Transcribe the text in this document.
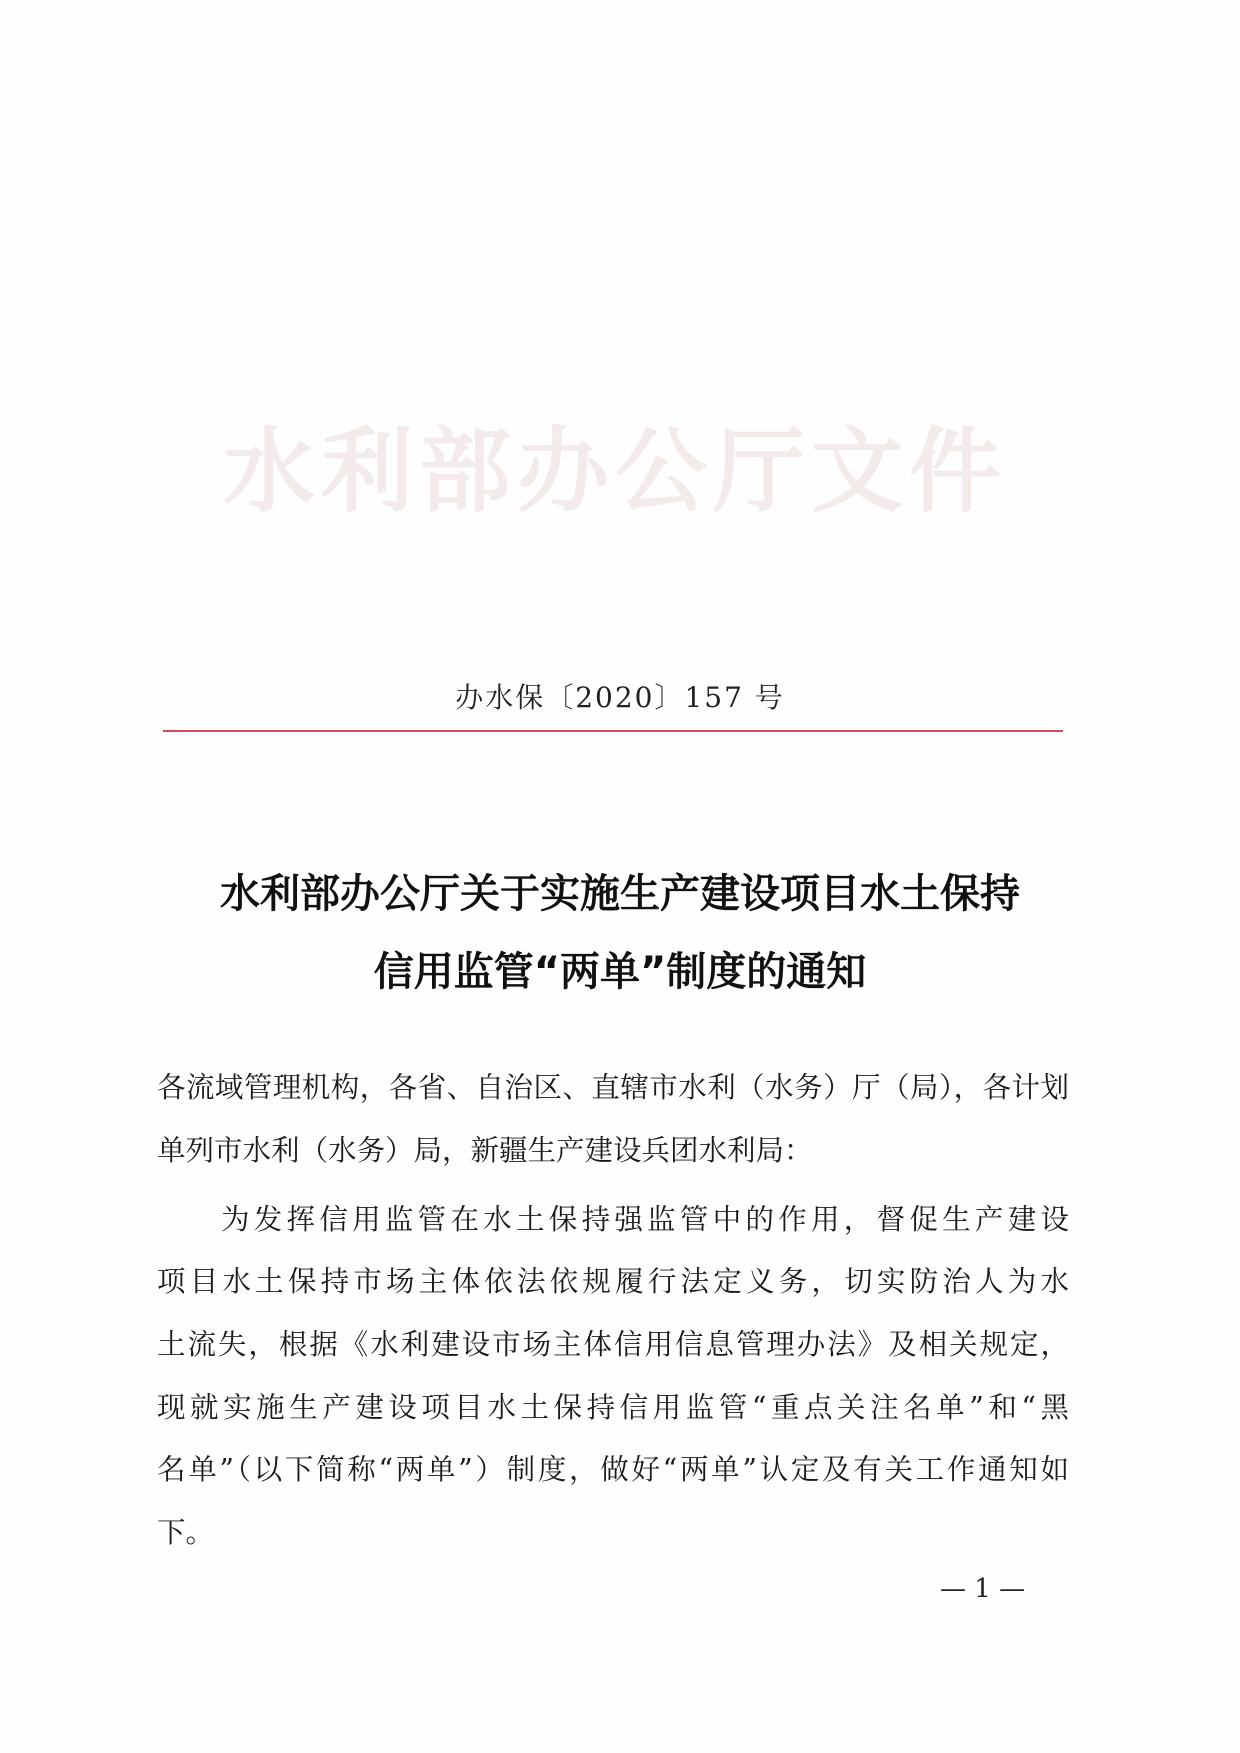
水利部办公厅文件
办水保〔2020〕157 号
水利部办公厅关于实施生产建设项目水土保持
信用监管“两单”制度的通知
各流域管理机构，各省、自治区、直辖市水利（水务）厅（局），各计划
单列市水利（水务）局，新疆生产建设兵团水利局：
为发挥信用监管在水土保持强监管中的作用，督促生产建设
项目水土保持市场主体依法依规履行法定义务，切实防治人为水
土流失，根据《水利建设市场主体信用信息管理办法》及相关规定，
现就实施生产建设项目水土保持信用监管“重点关注名单”和“黑
名单”（以下简称“两单”）制度，做好“两单”认定及有关工作通知如
下。
— 1 —
